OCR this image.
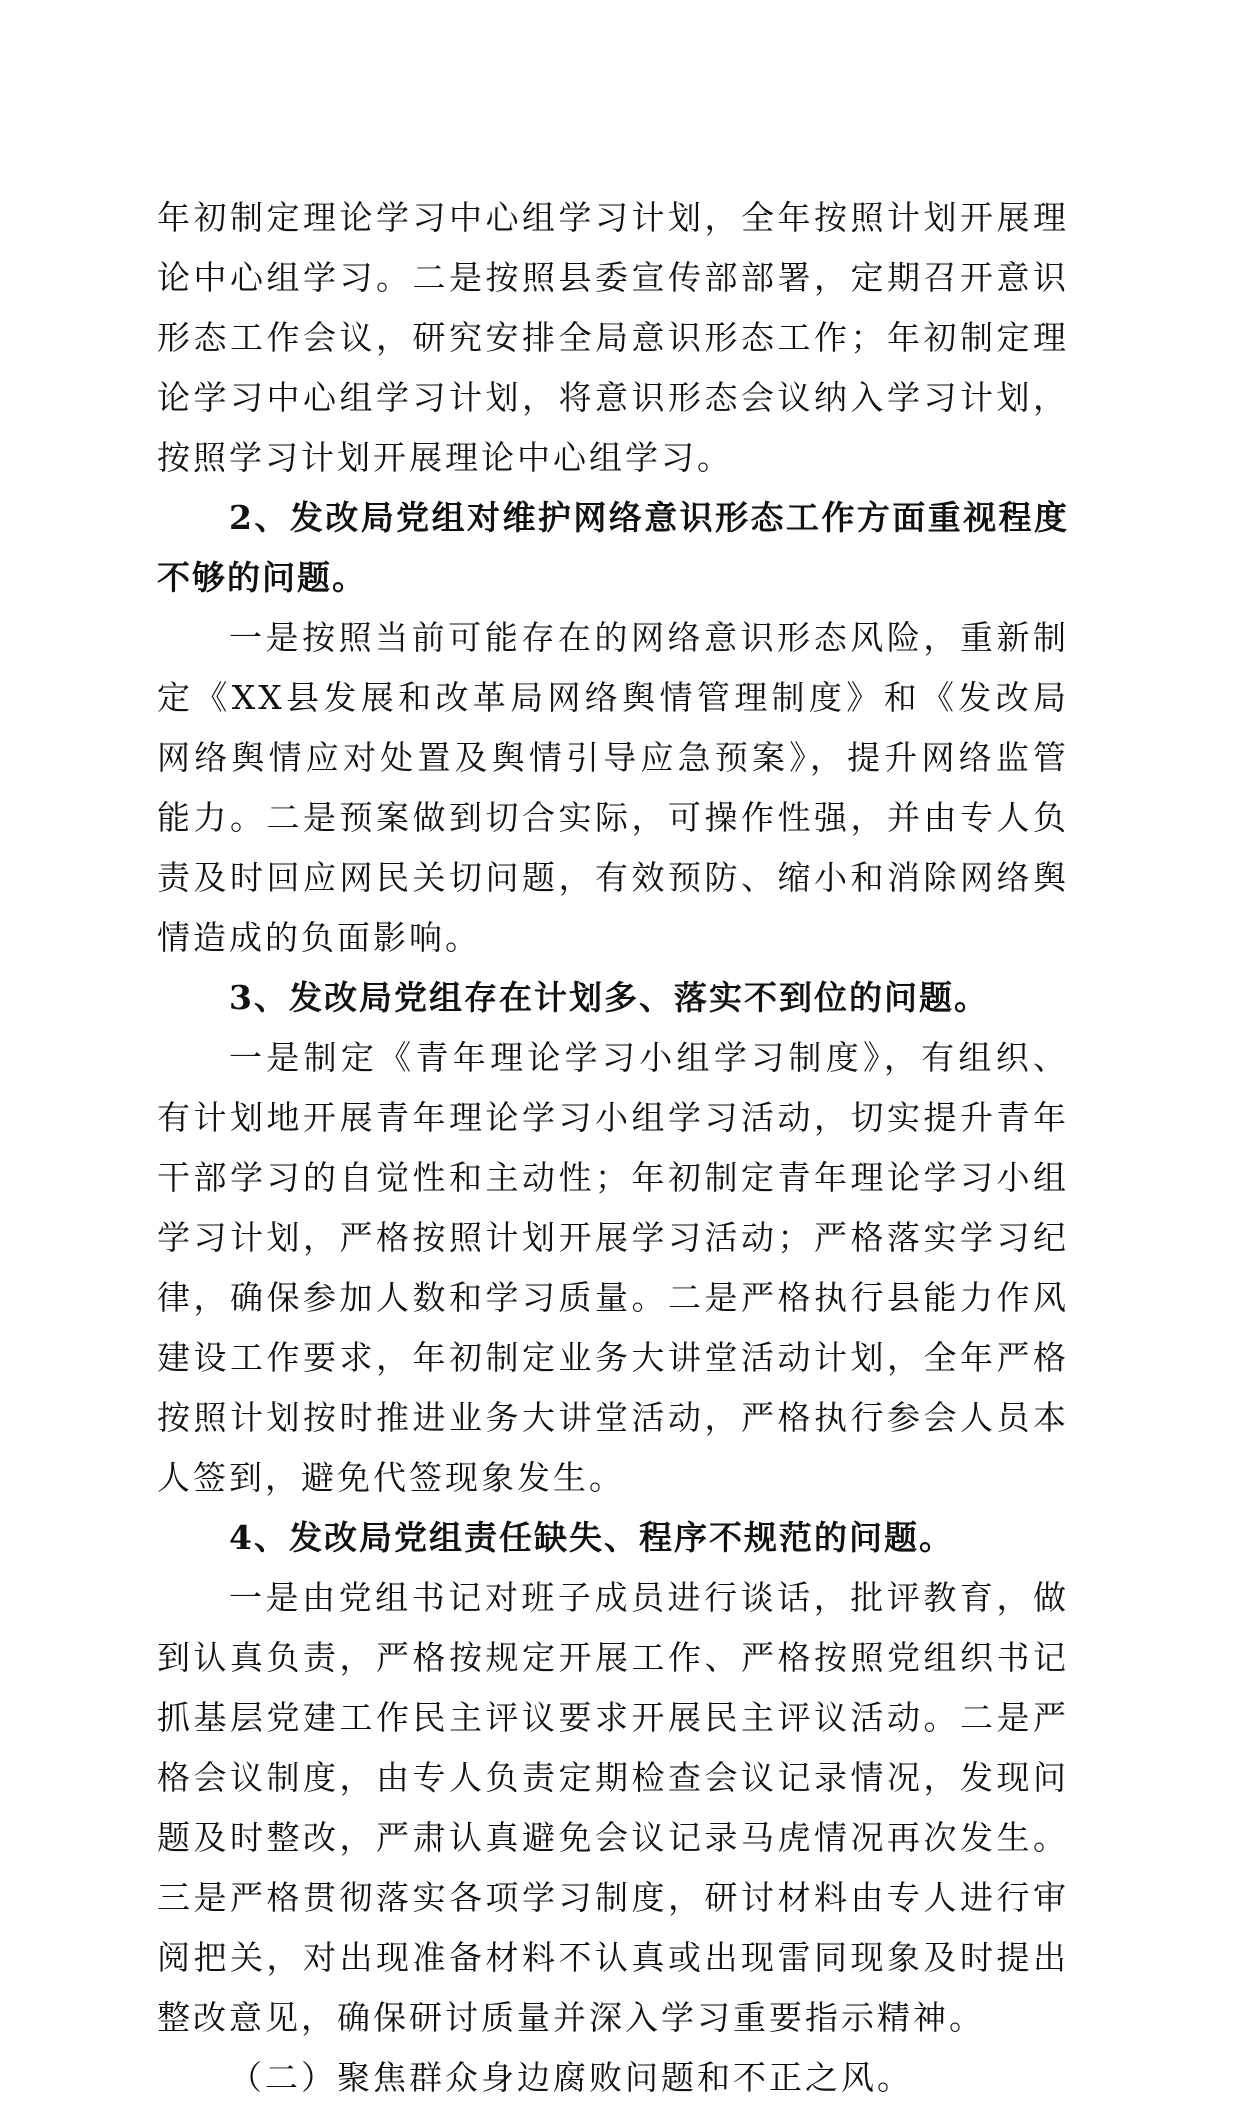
年初制定理论学习中心组学习计划，全年按照计划开展理论中心组学习。二是按照县委宣传部部署，定期召开意识形态工作会议，研究安排全局意识形态工作；年初制定理论学习中心组学习计划，将意识形态会议纳入学习计划，按照学习计划开展理论中心组学习。

2、发改局党组对维护网络意识形态工作方面重视程度不够的问题。

一是按照当前可能存在的网络意识形态风险，重新制定《XX县发展和改革局网络舆情管理制度》和《发改局网络舆情应对处置及舆情引导应急预案》，提升网络监管能力。二是预案做到切合实际，可操作性强，并由专人负责及时回应网民关切问题，有效预防、缩小和消除网络舆情造成的负面影响。

3、发改局党组存在计划多、落实不到位的问题。

一是制定《青年理论学习小组学习制度》，有组织、有计划地开展青年理论学习小组学习活动，切实提升青年干部学习的自觉性和主动性；年初制定青年理论学习小组学习计划，严格按照计划开展学习活动；严格落实学习纪律，确保参加人数和学习质量。二是严格执行县能力作风建设工作要求，年初制定业务大讲堂活动计划，全年严格按照计划按时推进业务大讲堂活动，严格执行参会人员本人签到，避免代签现象发生。

4、发改局党组责任缺失、程序不规范的问题。

一是由党组书记对班子成员进行谈话，批评教育，做到认真负责，严格按规定开展工作、严格按照党组织书记抓基层党建工作民主评议要求开展民主评议活动。二是严格会议制度，由专人负责定期检查会议记录情况，发现问题及时整改，严肃认真避免会议记录马虎情况再次发生。三是严格贯彻落实各项学习制度，研讨材料由专人进行审阅把关，对出现准备材料不认真或出现雷同现象及时提出整改意见，确保研讨质量并深入学习重要指示精神。

（二）聚焦群众身边腐败问题和不正之风。
